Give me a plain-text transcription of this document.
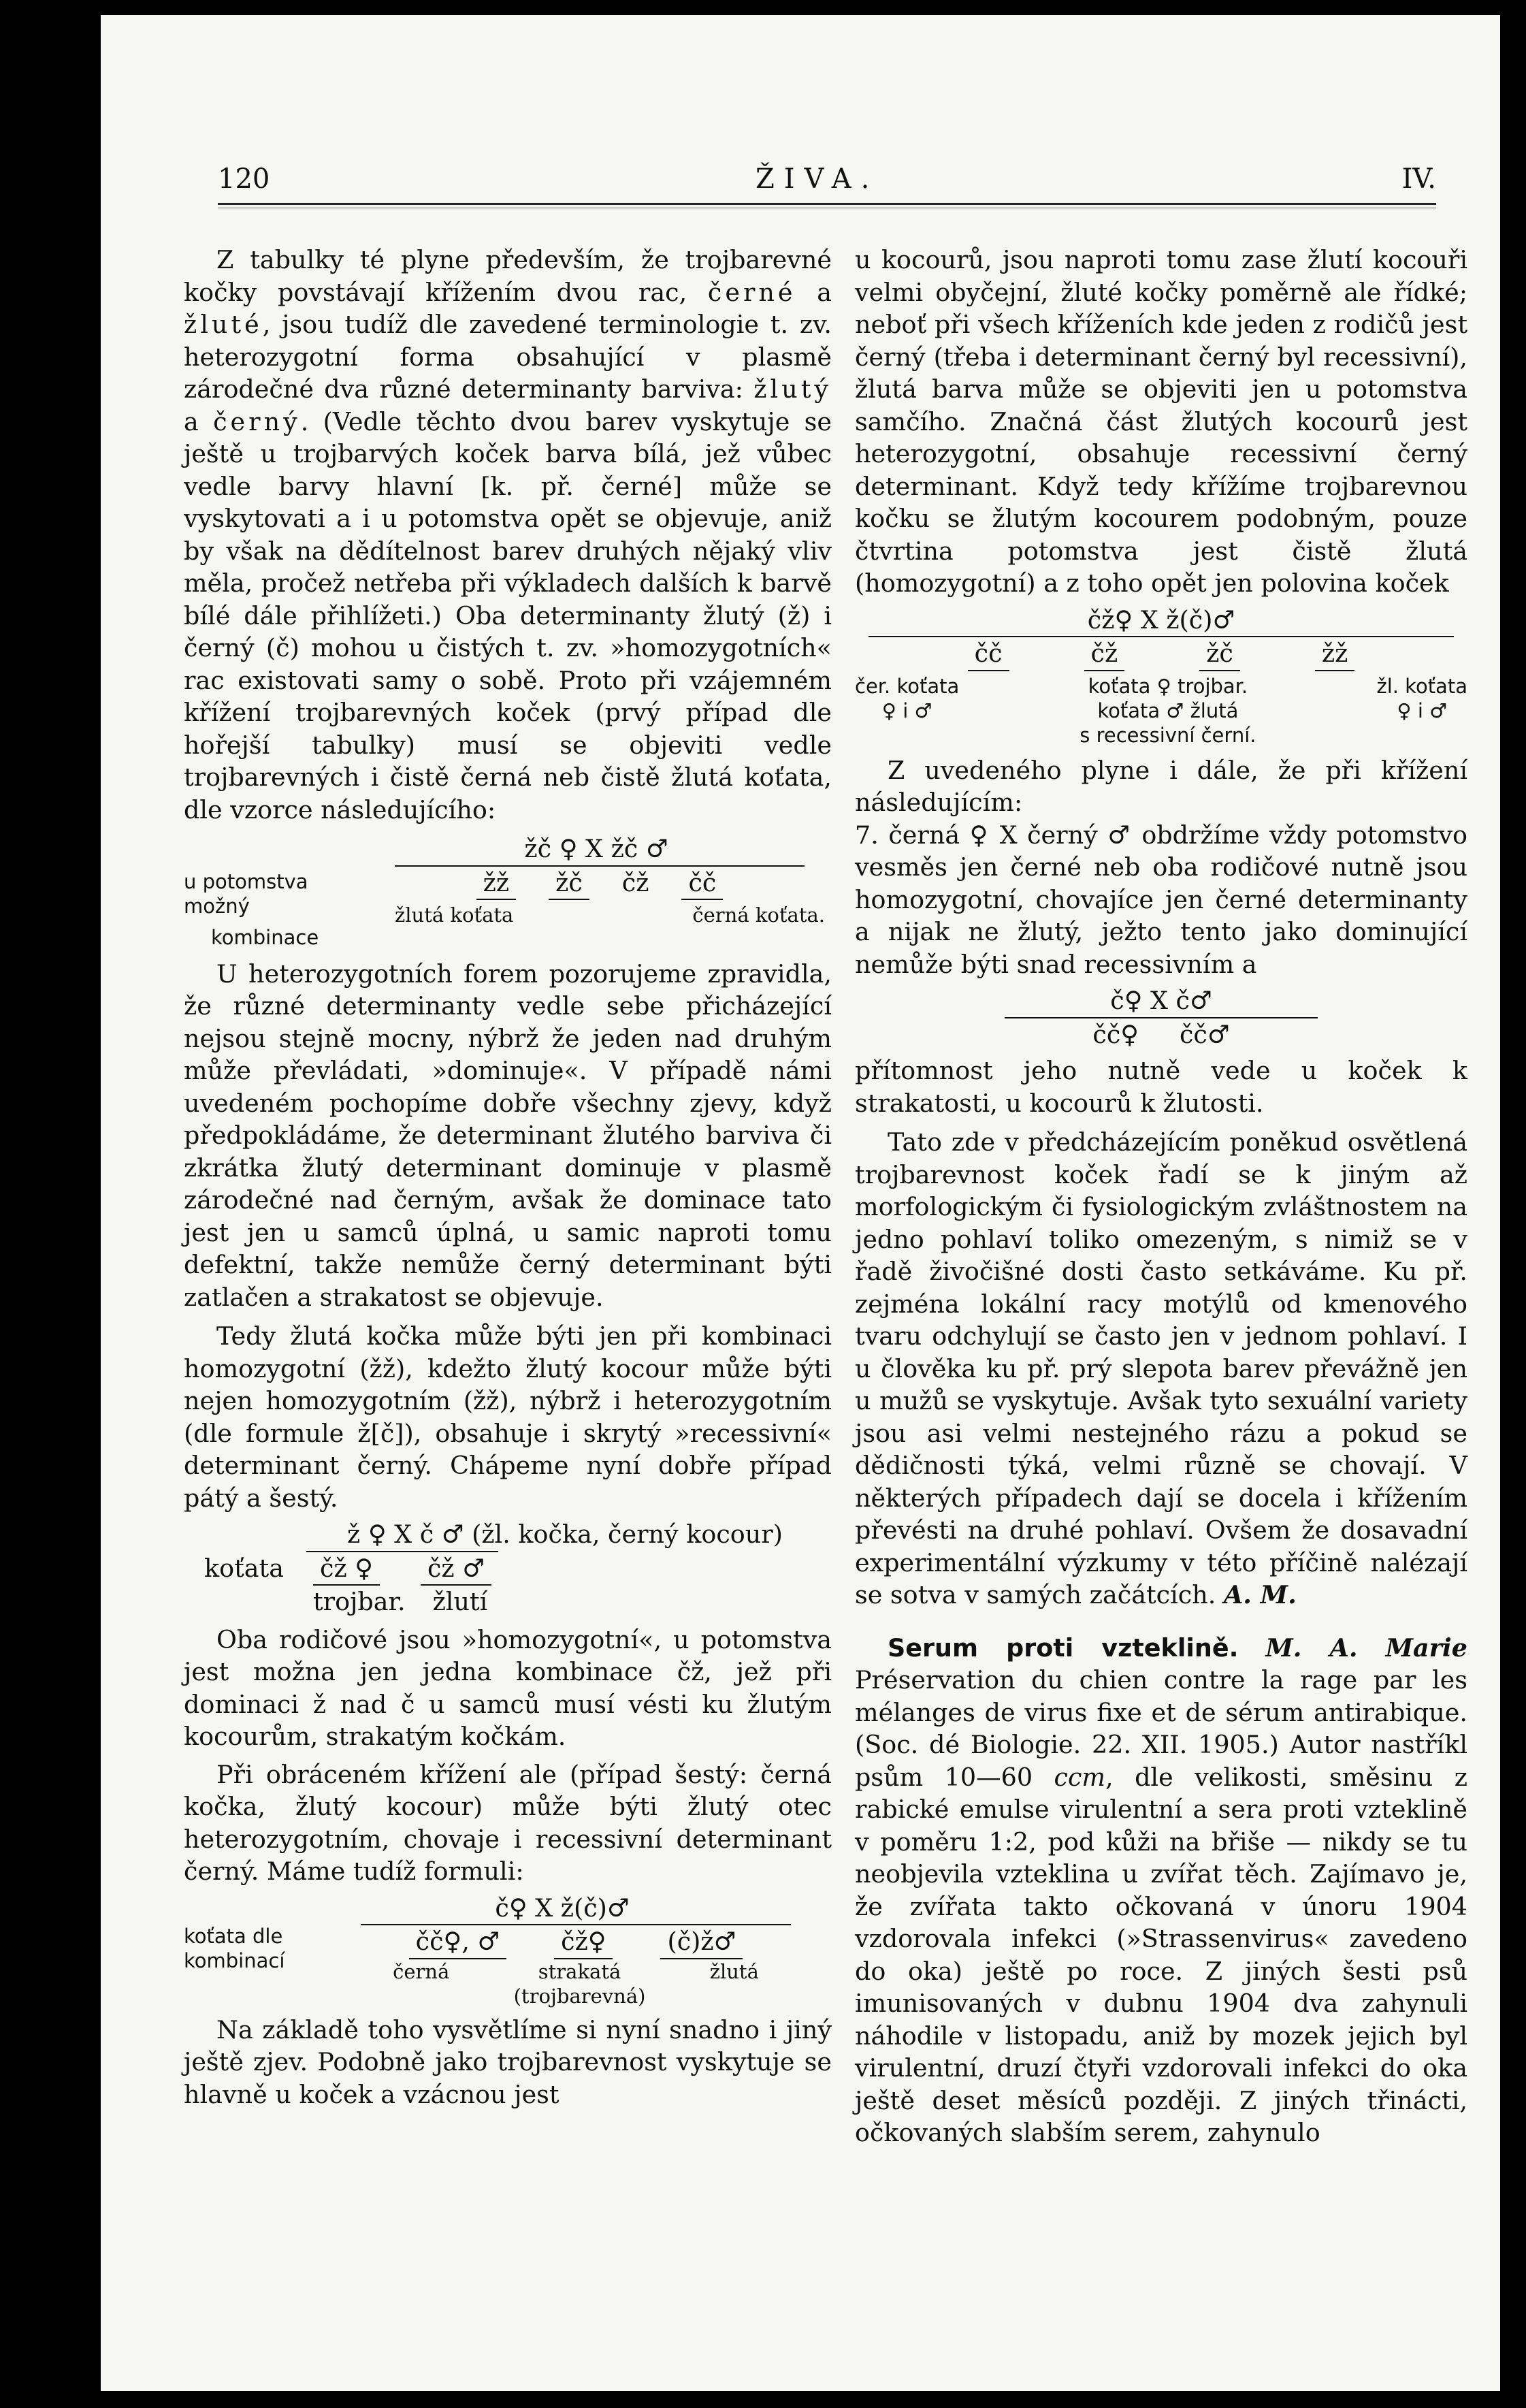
120	ŽIVA.	IV.

Z tabulky té plyne především, že trojbarevné kočky povstávají křížením dvou rac, černé a žluté, jsou tudíž dle zavedené terminologie t. zv. heterozygotní forma obsahující v plasmě zárodečné dva různé determinanty barviva: žlutý a černý. (Vedle těchto dvou barev vyskytuje se ještě u trojbarvých koček barva bílá, jež vůbec vedle barvy hlavní [k. př. černé] může se vyskytovati a i u potomstva opět se objevuje, aniž by však na dědítelnost barev druhých nějaký vliv měla, pročež netřeba při výkladech dalších k barvě bílé dále přihlížeti.) Oba determinanty žlutý (ž) i černý (č) mohou u čistých t. zv. »homozygotních« rac existovati samy o sobě. Proto při vzájemném křížení trojbarevných koček (prvý případ dle hořejší tabulky) musí se objeviti vedle trojbarevných i čistě černá neb čistě žlutá koťata, dle vzorce následujícího:

žč ♀ X žč ♂
u potomstva možný
kombinace
žž žč čž čč
žlutá koťata	černá koťata.

U heterozygotních forem pozorujeme zpravidla, že různé determinanty vedle sebe přicházející nejsou stejně mocny, nýbrž že jeden nad druhým může převládati, »dominuje«. V případě námi uvedeném pochopíme dobře všechny zjevy, když předpokládáme, že determinant žlutého barviva či zkrátka žlutý determinant dominuje v plasmě zárodečné nad černým, avšak že dominace tato jest jen u samců úplná, u samic naproti tomu defektní, takže nemůže černý determinant býti zatlačen a strakatost se objevuje.

Tedy žlutá kočka může býti jen při kombinaci homozygotní (žž), kdežto žlutý kocour může býti nejen homozygotním (žž), nýbrž i heterozygotním (dle formule ž[č]), obsahuje i skrytý »recessivní« determinant černý. Chápeme nyní dobře případ pátý a šestý.

ž ♀ X č ♂ (žl. kočka, černý kocour)
koťata	čž ♀ čž ♂
trojbar. žlutí

Oba rodičové jsou »homozygotní«, u potomstva jest možna jen jedna kombinace čž, jež při dominaci ž nad č u samců musí vésti ku žlutým kocourům, strakatým kočkám.

Při obráceném křížení ale (případ šestý: černá kočka, žlutý kocour) může býti žlutý otec heterozygotním, chovaje i recessivní determinant černý. Máme tudíž formuli:

č♀ X ž(č)♂
koťata dle
kombinací
čč♀, ♂ čž♀ (č)ž♂
černá	strakatá
(trojbarevná)
žlutá

Na základě toho vysvětlíme si nyní snadno i jiný ještě zjev. Podobně jako trojbarevnost vyskytuje se hlavně u koček a vzácnou jest

u kocourů, jsou naproti tomu zase žlutí kocouři velmi obyčejní, žluté kočky poměrně ale řídké; neboť při všech kříženích kde jeden z rodičů jest černý (třeba i determinant černý byl recessivní), žlutá barva může se objeviti jen u potomstva samčího. Značná část žlutých kocourů jest heterozygotní, obsahuje recessivní černý determinant. Když tedy křížíme trojbarevnou kočku se žlutým kocourem podobným, pouze čtvrtina potomstva jest čistě žlutá (homozygotní) a z toho opět jen polovina koček

čž♀ X ž(č)♂
čč	čž	žč	žž
čer. koťata
♀ i ♂
koťata ♀ trojbar.
koťata ♂ žlutá
s recessivní černí.
žl. koťata
♀ i ♂

Z uvedeného plyne i dále, že při křížení následujícím:

7. černá ♀ X černý ♂ obdržíme vždy potomstvo vesměs jen černé neb oba rodičové nutně jsou homozygotní, chovajíce jen černé determinanty a nijak ne žlutý, ježto tento jako dominující nemůže býti snad recessivním a

č♀ X č♂
čč♀ čč♂

přítomnost jeho nutně vede u koček k strakatosti, u kocourů k žlutosti.

Tato zde v předcházejícím poněkud osvětlená trojbarevnost koček řadí se k jiným až morfologickým či fysiologickým zvláštnostem na jedno pohlaví toliko omezeným, s nimiž se v řadě živočišné dosti často setkáváme. Ku př. zejména lokální racy motýlů od kmenového tvaru odchylují se často jen v jednom pohlaví. I u člověka ku př. prý slepota barev převážně jen u mužů se vyskytuje. Avšak tyto sexuální variety jsou asi velmi nestejného rázu a pokud se dědičnosti týká, velmi různě se chovají. V některých případech dají se docela i křížením převésti na druhé pohlaví. Ovšem že dosavadní experimentální výzkumy v této příčině nalézají se sotva v samých začátcích. A. M.

Serum proti vzteklině. M. A. Marie Préservation du chien contre la rage par les mélanges de virus fixe et de sérum antirabique. (Soc. dé Biologie. 22. XII. 1905.) Autor nastříkl psům 10—60 ccm, dle velikosti, směsinu z rabické emulse virulentní a sera proti vzteklině v poměru 1:2, pod kůži na břiše — nikdy se tu neobjevila vzteklina u zvířat těch. Zajímavo je, že zvířata takto očkovaná v únoru 1904 vzdorovala infekci (»Strassenvirus« zavedeno do oka) ještě po roce. Z jiných šesti psů imunisovaných v dubnu 1904 dva zahynuli náhodile v listopadu, aniž by mozek jejich byl virulentní, druzí čtyři vzdorovali infekci do oka ještě deset měsíců později. Z jiných třinácti, očkovaných slabším serem, zahynulo
